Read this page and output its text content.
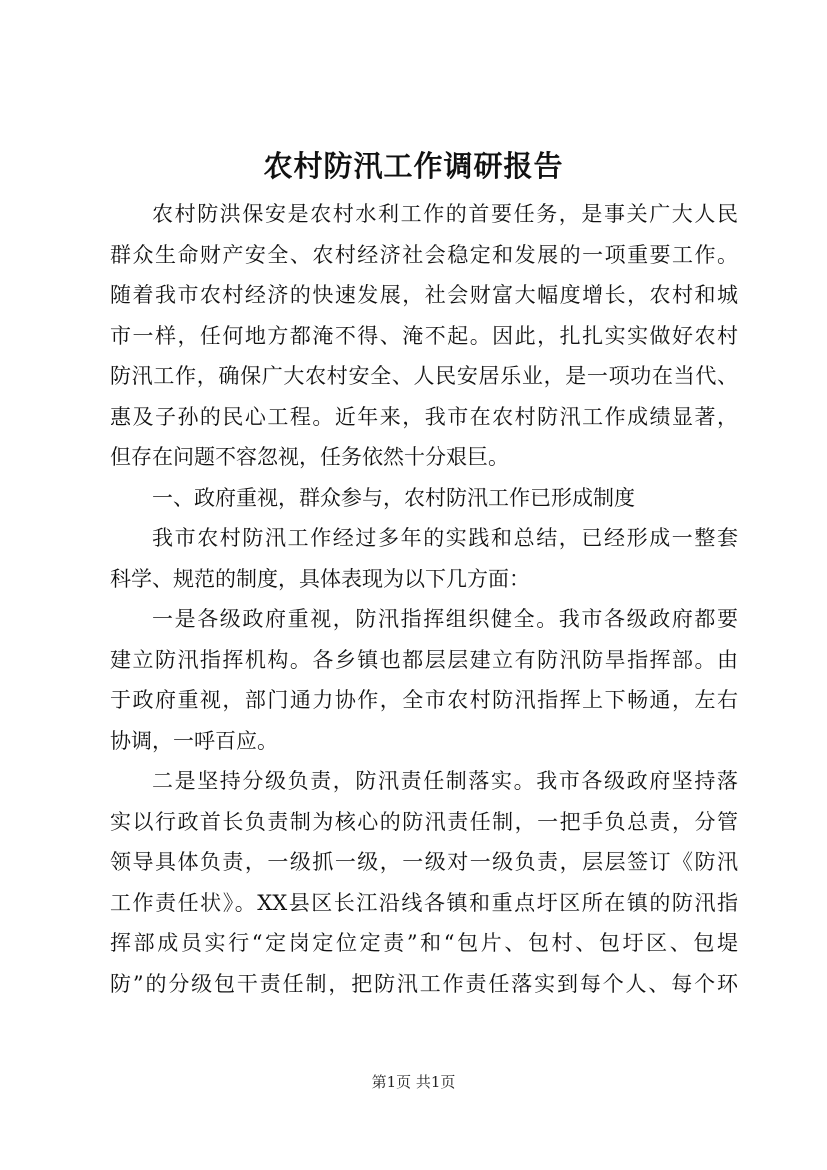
农村防汛工作调研报告

农村防洪保安是农村水利工作的首要任务，是事关广大人民

群众生命财产安全、农村经济社会稳定和发展的一项重要工作。

随着我市农村经济的快速发展，社会财富大幅度增长，农村和城

市一样，任何地方都淹不得、淹不起。因此，扎扎实实做好农村

防汛工作，确保广大农村安全、人民安居乐业，是一项功在当代、

惠及子孙的民心工程。近年来，我市在农村防汛工作成绩显著，

但存在问题不容忽视，任务依然十分艰巨。

一、政府重视，群众参与，农村防汛工作已形成制度

我市农村防汛工作经过多年的实践和总结，已经形成一整套

科学、规范的制度，具体表现为以下几方面：

一是各级政府重视，防汛指挥组织健全。我市各级政府都要

建立防汛指挥机构。各乡镇也都层层建立有防汛防旱指挥部。由

于政府重视，部门通力协作，全市农村防汛指挥上下畅通，左右

协调，一呼百应。

二是坚持分级负责，防汛责任制落实。我市各级政府坚持落

实以行政首长负责制为核心的防汛责任制，一把手负总责，分管

领导具体负责，一级抓一级，一级对一级负责，层层签订《防汛

工作责任状》。XX县区长江沿线各镇和重点圩区所在镇的防汛指

挥部成员实行“定岗定位定责”和“包片、包村、包圩区、包堤

防”的分级包干责任制，把防汛工作责任落实到每个人、每个环

第1页 共1页
